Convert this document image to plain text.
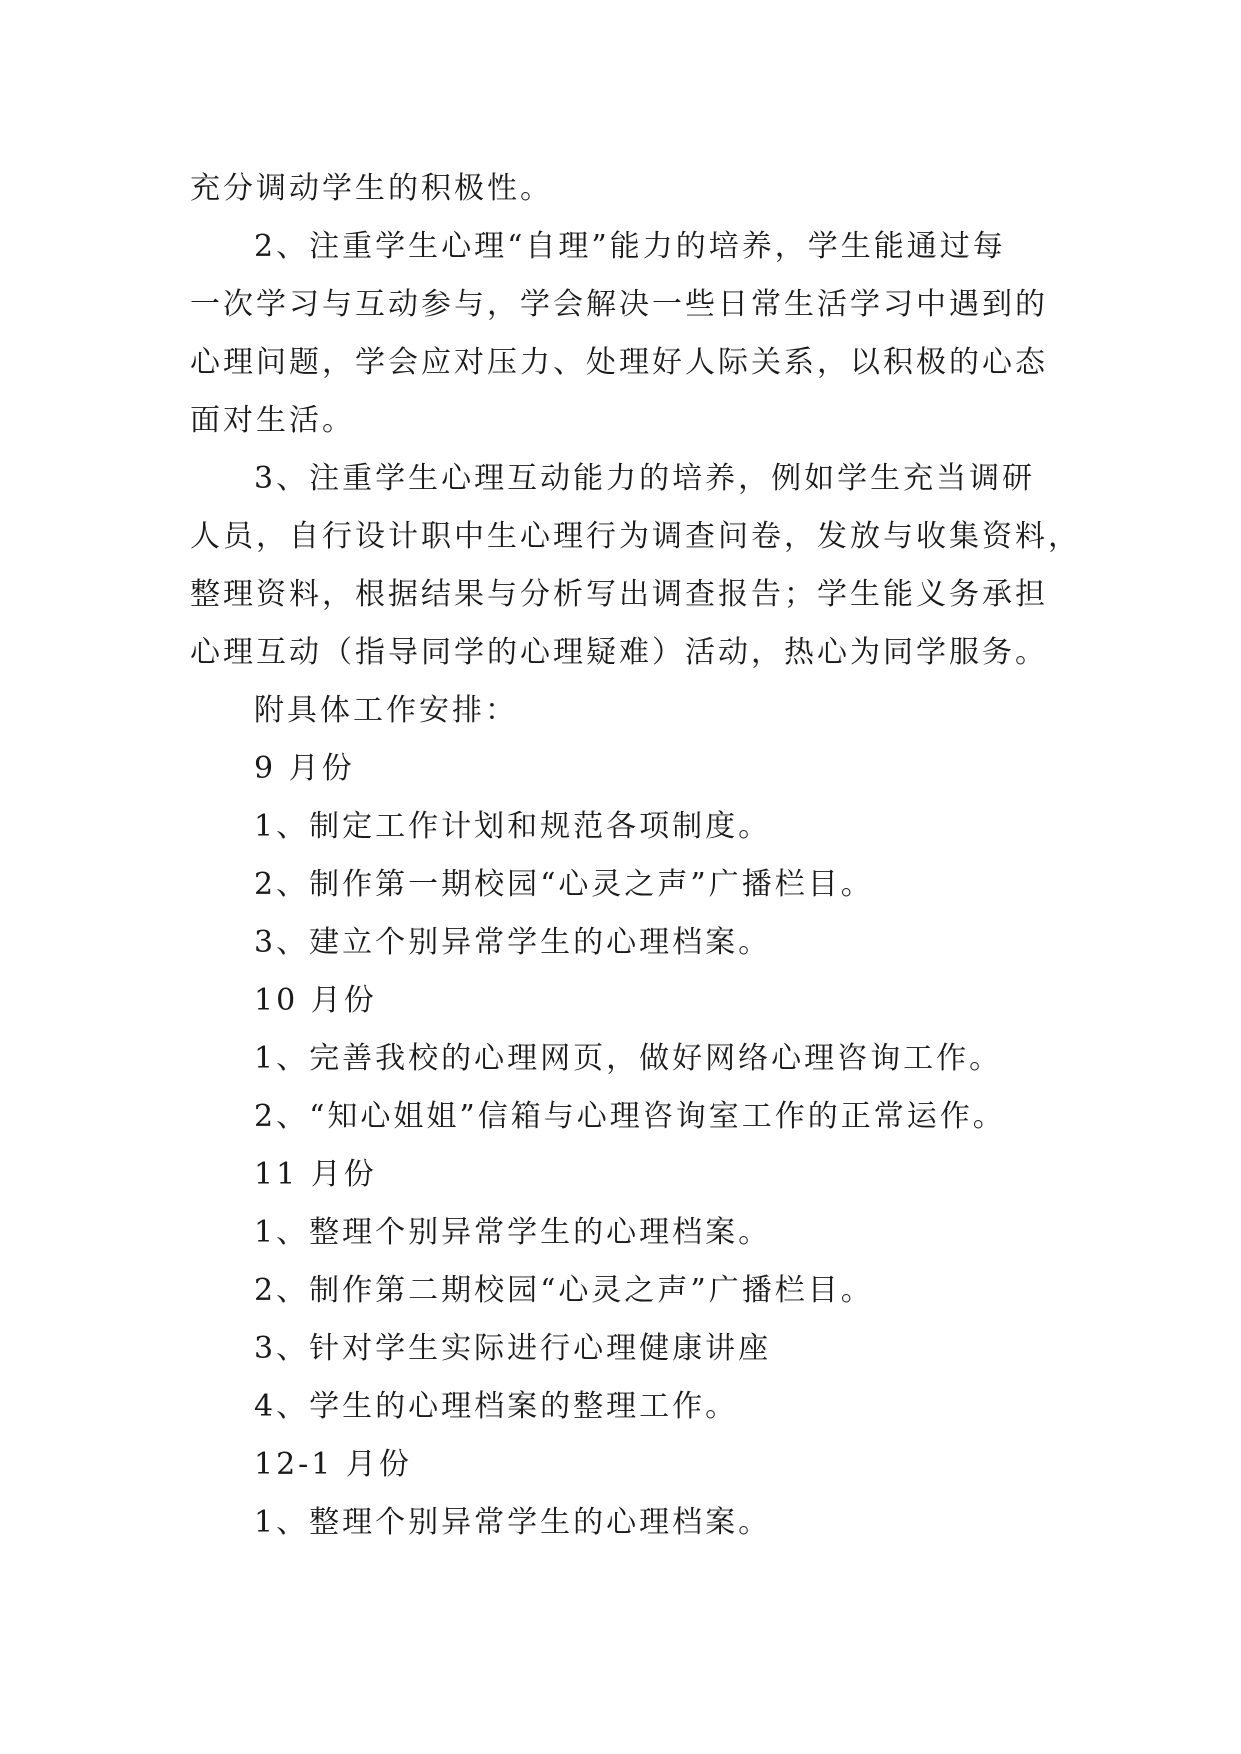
充分调动学生的积极性。

2、注重学生心理“自理”能力的培养，学生能通过每

一次学习与互动参与，学会解决一些日常生活学习中遇到的

心理问题，学会应对压力、处理好人际关系，以积极的心态

面对生活。

3、注重学生心理互动能力的培养，例如学生充当调研

人员，自行设计职中生心理行为调查问卷，发放与收集资料，

整理资料，根据结果与分析写出调查报告；学生能义务承担

心理互动（指导同学的心理疑难）活动，热心为同学服务。

附具体工作安排：

9 月份

1、制定工作计划和规范各项制度。

2、制作第一期校园“心灵之声”广播栏目。

3、建立个别异常学生的心理档案。

10 月份

1、完善我校的心理网页，做好网络心理咨询工作。

2、“知心姐姐”信箱与心理咨询室工作的正常运作。

11 月份

1、整理个别异常学生的心理档案。

2、制作第二期校园“心灵之声”广播栏目。

3、针对学生实际进行心理健康讲座

4、学生的心理档案的整理工作。

12-1 月份

1、整理个别异常学生的心理档案。
